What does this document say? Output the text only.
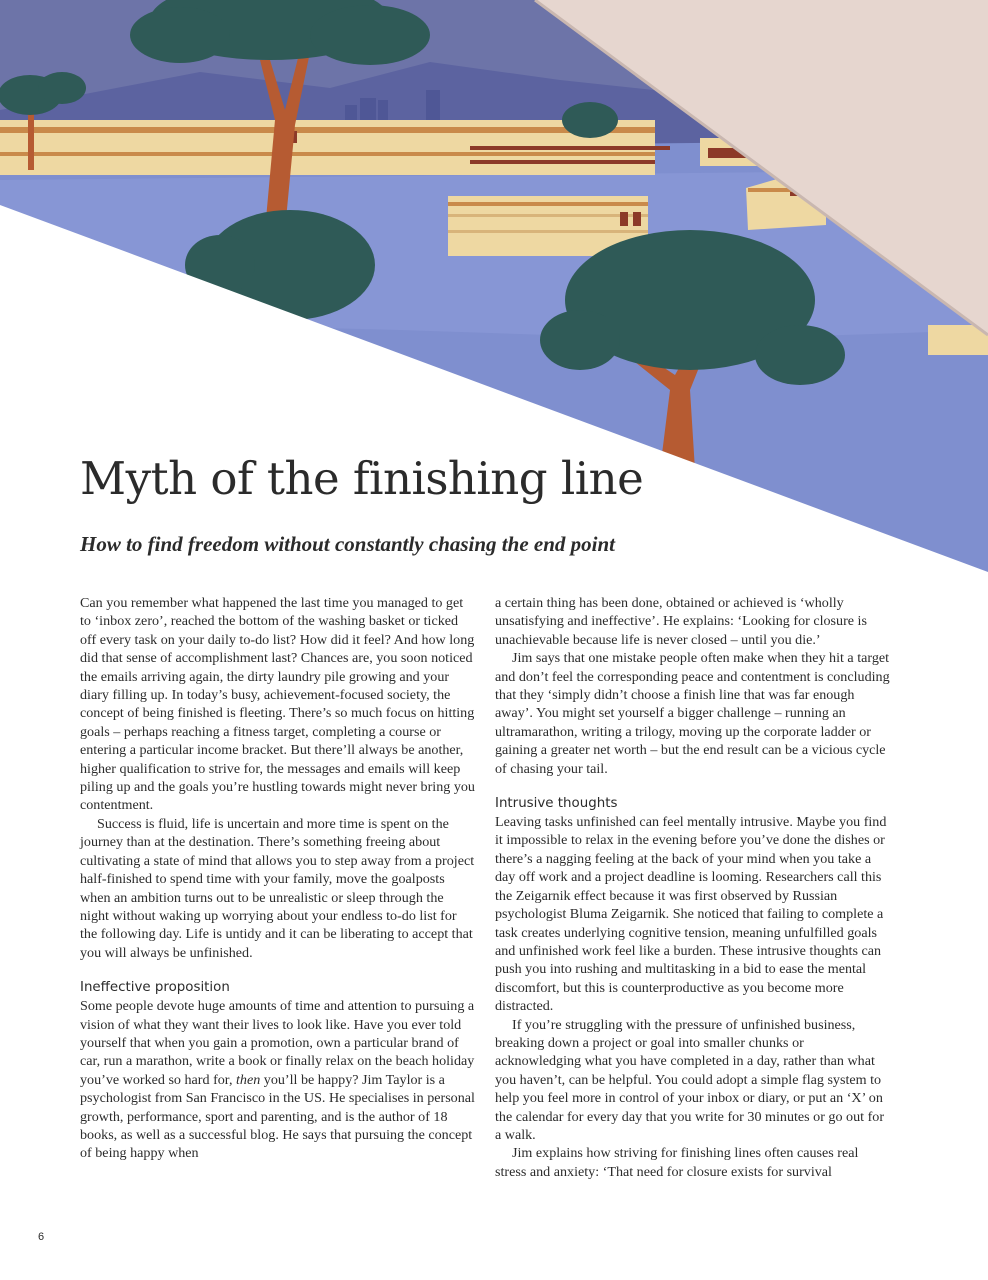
Myth of the finishing line
How to find freedom without constantly chasing the end point

Can you remember what happened the last time you managed to get to ‘inbox zero’, reached the bottom of the washing basket or ticked off every task on your daily to-do list? How did it feel? And how long did that sense of accomplishment last? Chances are, you soon noticed the emails arriving again, the dirty laundry pile growing and your diary filling up. In today’s busy, achievement-focused society, the concept of being finished is fleeting. There’s so much focus on hitting goals – perhaps reaching a fitness target, completing a course or entering a particular income bracket. But there’ll always be another, higher qualification to strive for, the messages and emails will keep piling up and the goals you’re hustling towards might never bring you contentment.

Success is fluid, life is uncertain and more time is spent on the journey than at the destination. There’s something freeing about cultivating a state of mind that allows you to step away from a project half-finished to spend time with your family, move the goalposts when an ambition turns out to be unrealistic or sleep through the night without waking up worrying about your endless to-do list for the following day. Life is untidy and it can be liberating to accept that you will always be unfinished.

Ineffective proposition

Some people devote huge amounts of time and attention to pursuing a vision of what they want their lives to look like. Have you ever told yourself that when you gain a promotion, own a particular brand of car, run a marathon, write a book or finally relax on the beach holiday you’ve worked so hard for, then you’ll be happy? Jim Taylor is a psychologist from San Francisco in the US. He specialises in personal growth, performance, sport and parenting, and is the author of 18 books, as well as a successful blog. He says that pursuing the concept of being happy when

a certain thing has been done, obtained or achieved is ‘wholly unsatisfying and ineffective’. He explains: ‘Looking for closure is unachievable because life is never closed – until you die.’

Jim says that one mistake people often make when they hit a target and don’t feel the corresponding peace and contentment is concluding that they ‘simply didn’t choose a finish line that was far enough away’. You might set yourself a bigger challenge – running an ultramarathon, writing a trilogy, moving up the corporate ladder or gaining a greater net worth – but the end result can be a vicious cycle of chasing your tail.

Intrusive thoughts

Leaving tasks unfinished can feel mentally intrusive. Maybe you find it impossible to relax in the evening before you’ve done the dishes or there’s a nagging feeling at the back of your mind when you take a day off work and a project deadline is looming. Researchers call this the Zeigarnik effect because it was first observed by Russian psychologist Bluma Zeigarnik. She noticed that failing to complete a task creates underlying cognitive tension, meaning unfulfilled goals and unfinished work feel like a burden. These intrusive thoughts can push you into rushing and multitasking in a bid to ease the mental discomfort, but this is counterproductive as you become more distracted.

If you’re struggling with the pressure of unfinished business, breaking down a project or goal into smaller chunks or acknowledging what you have completed in a day, rather than what you haven’t, can be helpful. You could adopt a simple flag system to help you feel more in control of your inbox or diary, or put an ‘X’ on the calendar for every day that you write for 30 minutes or go out for a walk.

Jim explains how striving for finishing lines often causes real stress and anxiety: ‘That need for closure exists for survival

6
